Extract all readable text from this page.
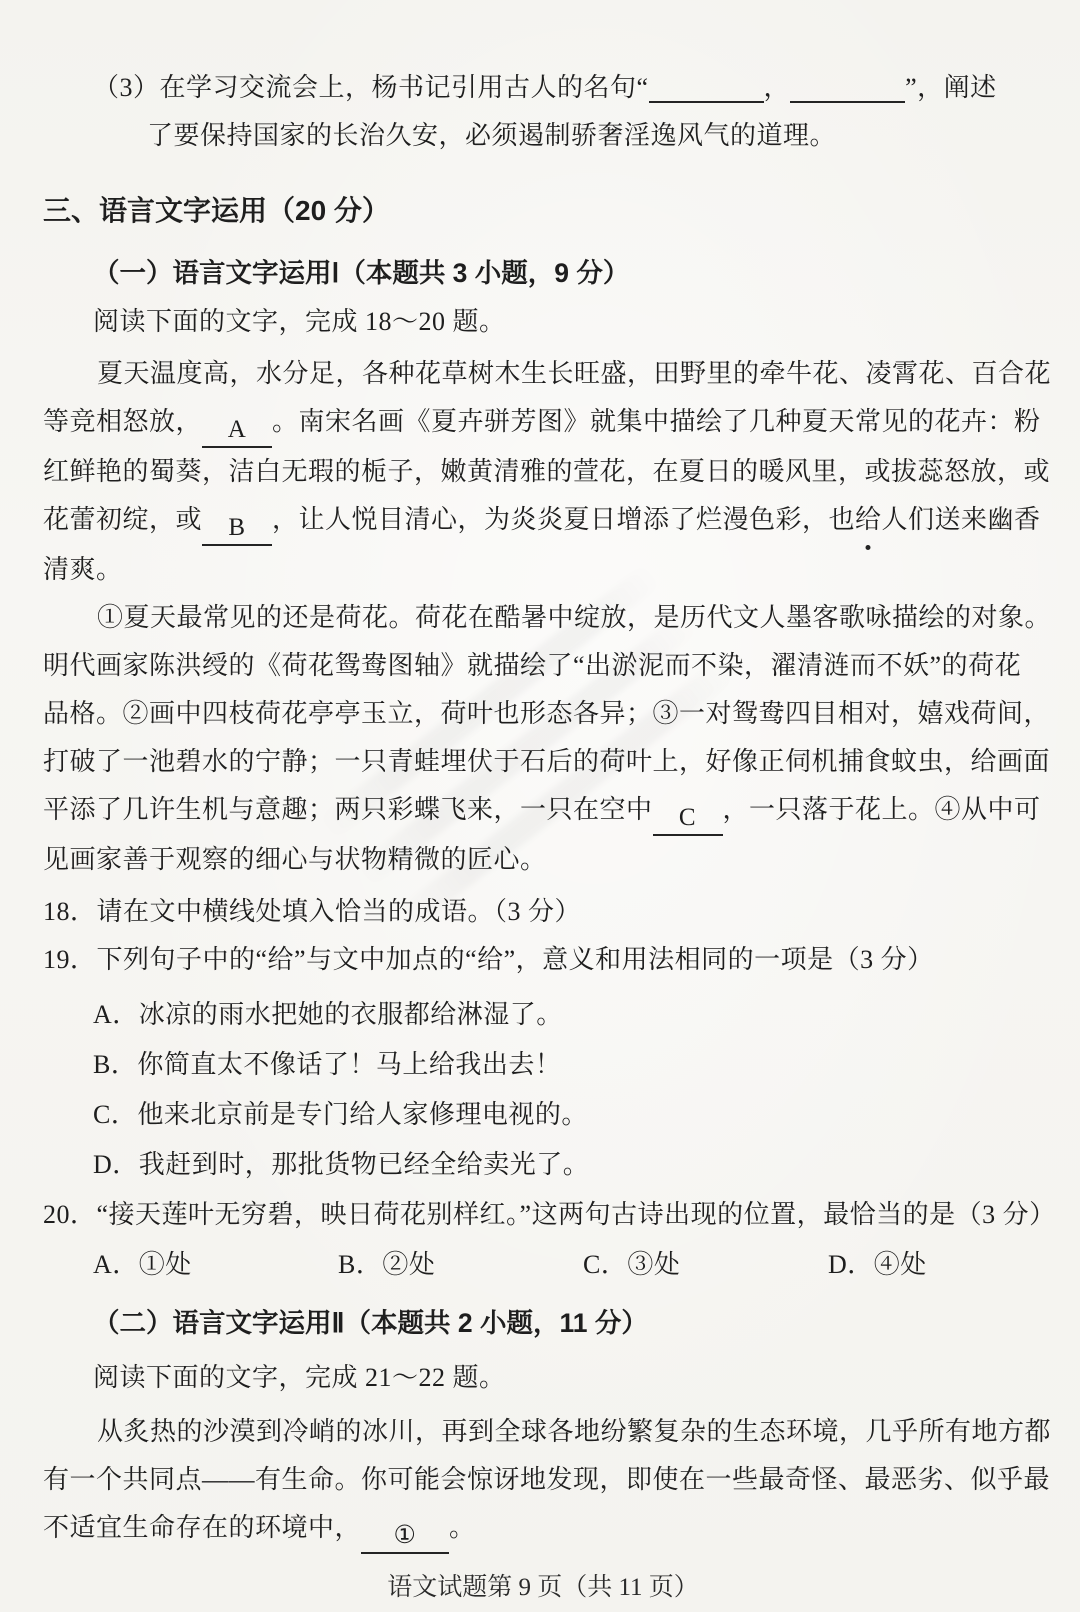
（3）在学习交流会上，杨书记引用古人的名句“	，	”，阐述
了要保持国家的长治久安，必须遏制骄奢淫逸风气的道理。
三、语言文字运用（20 分）
（一）语言文字运用Ⅰ（本题共 3 小题，9 分）
阅读下面的文字，完成 18～20 题。
夏天温度高，水分足，各种花草树木生长旺盛，田野里的牵牛花、凌霄花、百合花
等竞相怒放， A 。南宋名画《夏卉骈芳图》就集中描绘了几种夏天常见的花卉：粉
红鲜艳的蜀葵，洁白无瑕的栀子，嫩黄清雅的萱花，在夏日的暖风里，或拔蕊怒放，或
花蕾初绽，或 B ，让人悦目清心，为炎炎夏日增添了烂漫色彩，也给人们送来幽香
清爽。
①夏天最常见的还是荷花。荷花在酷暑中绽放，是历代文人墨客歌咏描绘的对象。
明代画家陈洪绶的《荷花鸳鸯图轴》就描绘了“出淤泥而不染，濯清涟而不妖”的荷花
品格。②画中四枝荷花亭亭玉立，荷叶也形态各异；③一对鸳鸯四目相对，嬉戏荷间，
打破了一池碧水的宁静；一只青蛙埋伏于石后的荷叶上，好像正伺机捕食蚊虫，给画面
平添了几许生机与意趣；两只彩蝶飞来，一只在空中 C ，一只落于花上。④从中可
见画家善于观察的细心与状物精微的匠心。
18．请在文中横线处填入恰当的成语。（3 分）
19．下列句子中的“给”与文中加点的“给”，意义和用法相同的一项是（3 分）
A．冰凉的雨水把她的衣服都给淋湿了。
B．你简直太不像话了！马上给我出去！
C．他来北京前是专门给人家修理电视的。
D．我赶到时，那批货物已经全给卖光了。
20．“接天莲叶无穷碧，映日荷花别样红。”这两句古诗出现的位置，最恰当的是（3 分）
A．①处	B．②处	C．③处	D．④处
（二）语言文字运用Ⅱ（本题共 2 小题，11 分）
阅读下面的文字，完成 21～22 题。
从炙热的沙漠到冷峭的冰川，再到全球各地纷繁复杂的生态环境，几乎所有地方都
有一个共同点——有生命。你可能会惊讶地发现，即使在一些最奇怪、最恶劣、似乎最
不适宜生命存在的环境中， ① 。
语文试题第 9 页（共 11 页）
